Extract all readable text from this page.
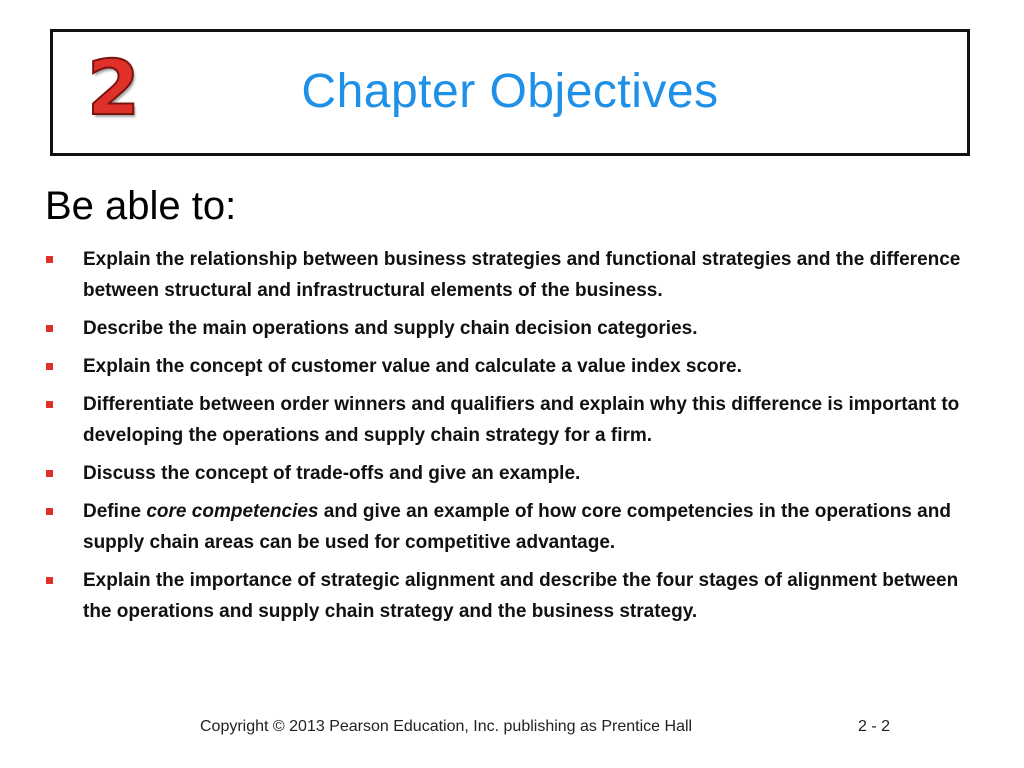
2	Chapter Objectives
Be able to:
Explain the relationship between business strategies and functional strategies and the difference between structural and infrastructural elements of the business.
Describe the main operations and supply chain decision categories.
Explain the concept of customer value and calculate a value index score.
Differentiate between order winners and qualifiers and explain why this difference is important to developing the operations and supply chain strategy for a firm.
Discuss the concept of trade-offs and give an example.
Define core competencies and give an example of how core competencies in the operations and supply chain areas can be used for competitive advantage.
Explain the importance of strategic alignment and describe the four stages of alignment between the operations and supply chain strategy and the business strategy.
Copyright © 2013 Pearson Education, Inc. publishing as Prentice Hall	2 - 2
